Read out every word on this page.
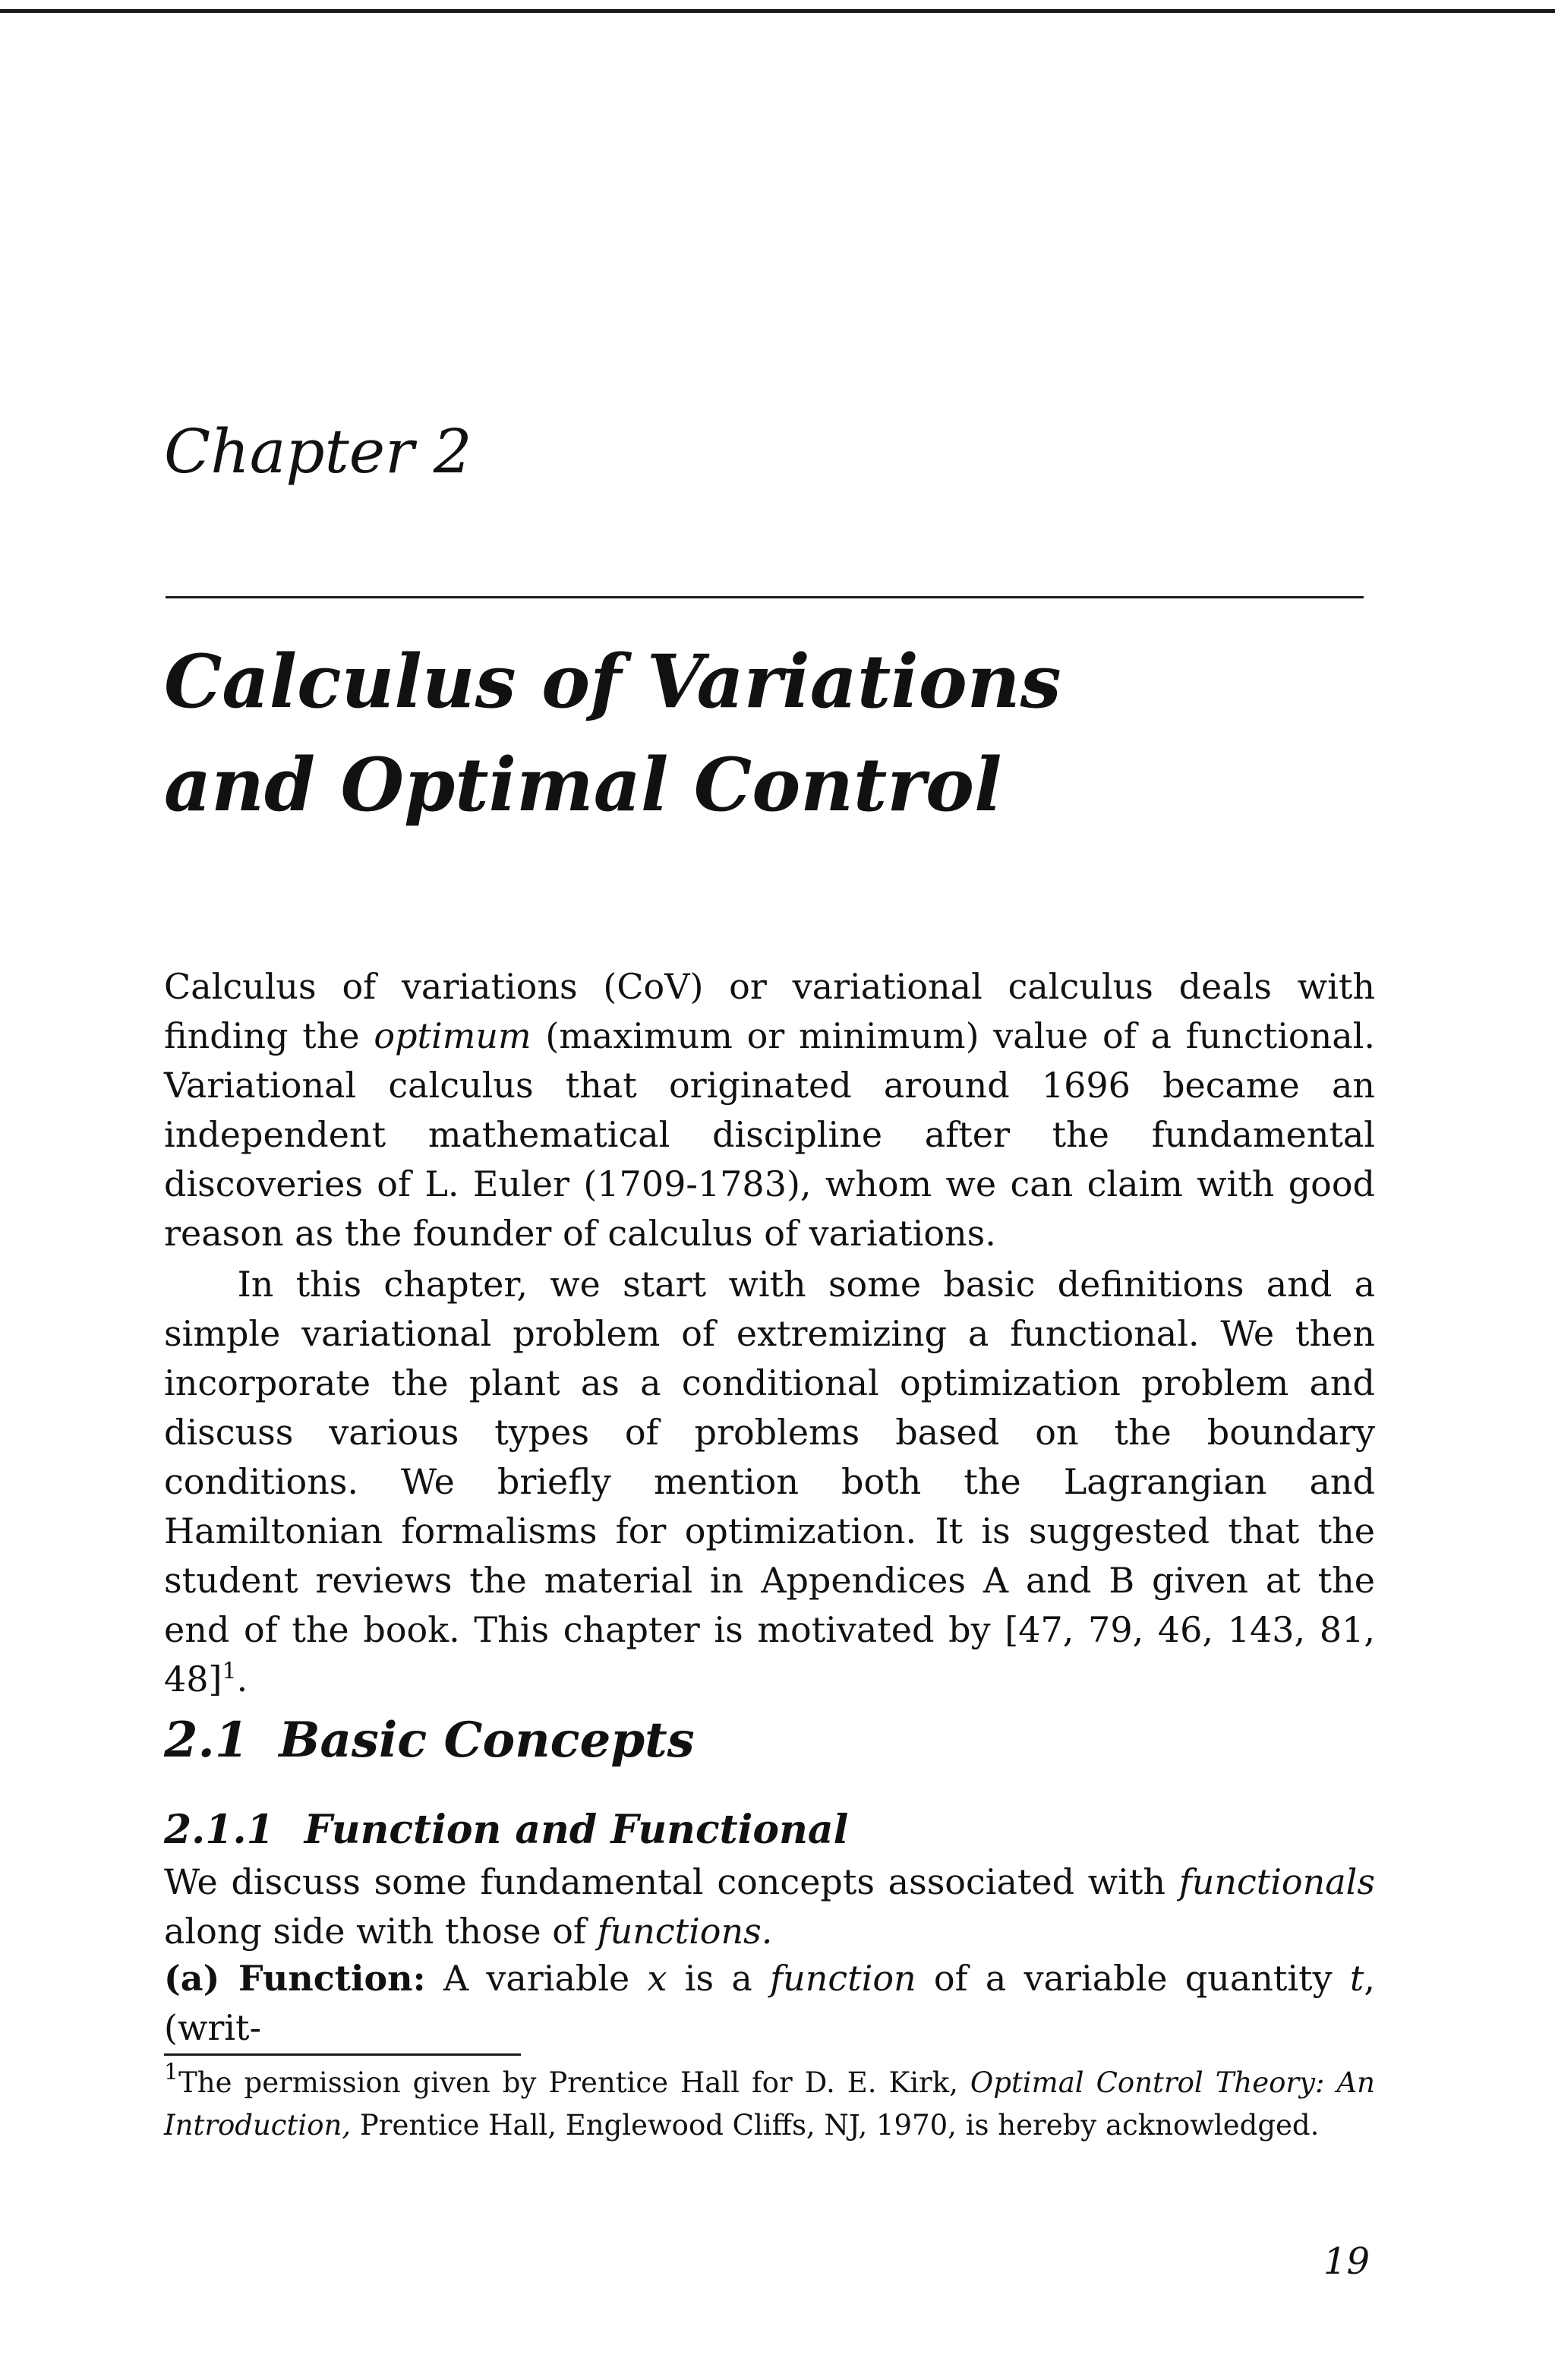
Chapter 2
Calculus of Variations
and Optimal Control

Calculus of variations (CoV) or variational calculus deals with finding the optimum (maximum or minimum) value of a functional. Variational calculus that originated around 1696 became an independent mathematical discipline after the fundamental discoveries of L. Euler (1709-1783), whom we can claim with good reason as the founder of calculus of variations.

In this chapter, we start with some basic definitions and a simple variational problem of extremizing a functional. We then incorporate the plant as a conditional optimization problem and discuss various types of problems based on the boundary conditions. We briefly mention both the Lagrangian and Hamiltonian formalisms for optimization. It is suggested that the student reviews the material in Appendices A and B given at the end of the book. This chapter is motivated by [47, 79, 46, 143, 81, 48]$^1$.

2.1 Basic Concepts
2.1.1 Function and Functional

We discuss some fundamental concepts associated with functionals along side with those of functions.

(a) Function: A variable x is a function of a variable quantity t, (writ-

$^1$The permission given by Prentice Hall for D. E. Kirk, Optimal Control Theory: An Introduction, Prentice Hall, Englewood Cliffs, NJ, 1970, is hereby acknowledged.

19
